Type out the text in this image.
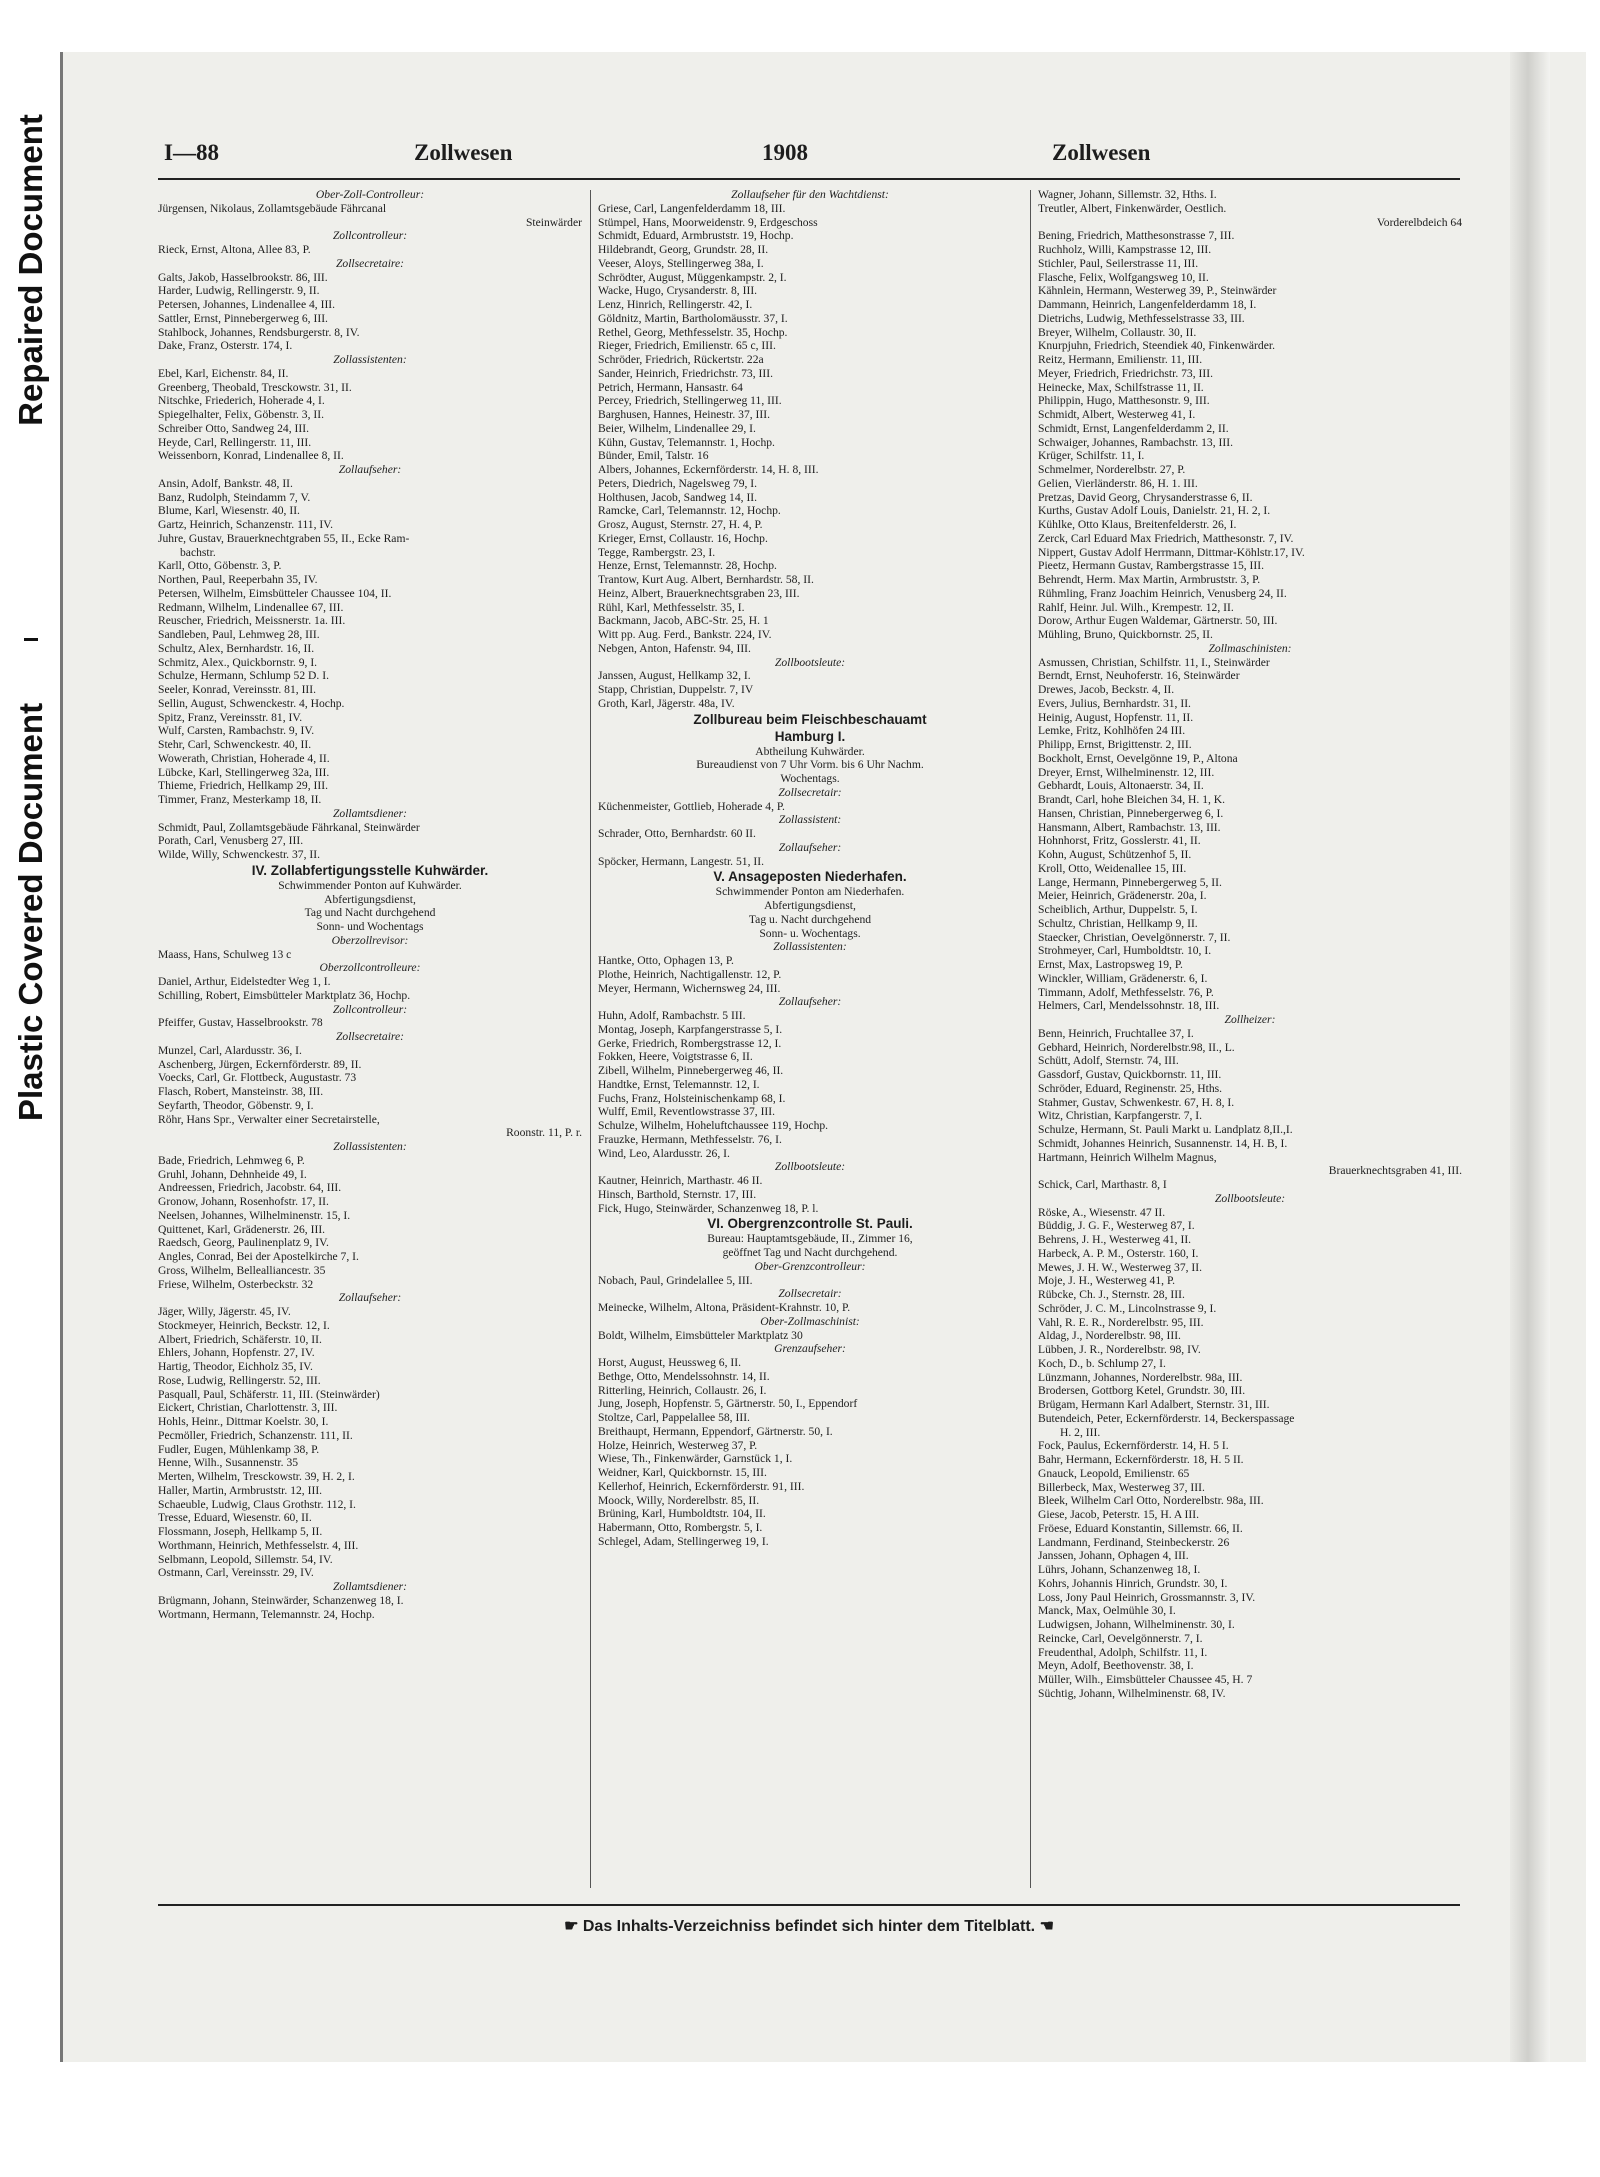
Repaired Document
Plastic Covered Document
I—88	Zollwesen	1908	Zollwesen
Ober-Zoll-Controlleur:
Jürgensen, Nikolaus, Zollamtsgebäude Fährcanal
Steinwärder
Zollcontrolleur:
Rieck, Ernst, Altona, Allee 83, P.
Zollsecretaire:
Galts, Jakob, Hasselbrookstr. 86, III.
Harder, Ludwig, Rellingerstr. 9, II.
Petersen, Johannes, Lindenallee 4, III.
Sattler, Ernst, Pinnebergerweg 6, III.
Stahlbock, Johannes, Rendsburgerstr. 8, IV.
Dake, Franz, Osterstr. 174, I.
Zollassistenten:
Ebel, Karl, Eichenstr. 84, II.
Greenberg, Theobald, Tresckowstr. 31, II.
Nitschke, Friederich, Hoherade 4, I.
Spiegelhalter, Felix, Göbenstr. 3, II.
Schreiber Otto, Sandweg 24, III.
Heyde, Carl, Rellingerstr. 11, III.
Weissenborn, Konrad, Lindenallee 8, II.
Zollaufseher:
Ansin, Adolf, Bankstr. 48, II.
Banz, Rudolph, Steindamm 7, V.
Blume, Karl, Wiesenstr. 40, II.
Gartz, Heinrich, Schanzenstr. 111, IV.
Juhre, Gustav, Brauerknechtgraben 55, II., Ecke Ram-
bachstr.
Karll, Otto, Göbenstr. 3, P.
Northen, Paul, Reeperbahn 35, IV.
Petersen, Wilhelm, Eimsbütteler Chaussee 104, II.
Redmann, Wilhelm, Lindenallee 67, III.
Reuscher, Friedrich, Meissnerstr. 1a. III.
Sandleben, Paul, Lehmweg 28, III.
Schultz, Alex, Bernhardstr. 16, II.
Schmitz, Alex., Quickbornstr. 9, I.
Schulze, Hermann, Schlump 52 D. I.
Seeler, Konrad, Vereinsstr. 81, III.
Sellin, August, Schwenckestr. 4, Hochp.
Spitz, Franz, Vereinsstr. 81, IV.
Wulf, Carsten, Rambachstr. 9, IV.
Stehr, Carl, Schwenckestr. 40, II.
Wowerath, Christian, Hoherade 4, II.
Lübcke, Karl, Stellingerweg 32a, III.
Thieme, Friedrich, Hellkamp 29, III.
Timmer, Franz, Mesterkamp 18, II.
Zollamtsdiener:
Schmidt, Paul, Zollamtsgebäude Fährkanal, Steinwärder
Porath, Carl, Venusberg 27, III.
Wilde, Willy, Schwenckestr. 37, II.
IV. Zollabfertigungsstelle Kuhwärder.
Schwimmender Ponton auf Kuhwärder.
Abfertigungsdienst,
Tag und Nacht durchgehend
Sonn- und Wochentags
Oberzollrevisor:
Maass, Hans, Schulweg 13 c
Oberzollcontrolleure:
Daniel, Arthur, Eidelstedter Weg 1, I.
Schilling, Robert, Eimsbütteler Marktplatz 36, Hochp.
Zollcontrolleur:
Pfeiffer, Gustav, Hasselbrookstr. 78
Zollsecretaire:
Munzel, Carl, Alardusstr. 36, I.
Aschenberg, Jürgen, Eckernförderstr. 89, II.
Voecks, Carl, Gr. Flottbeck, Augustastr. 73
Flasch, Robert, Mansteinstr. 38, III.
Seyfarth, Theodor, Göbenstr. 9, I.
Röhr, Hans Spr., Verwalter einer Secretairstelle,
Roonstr. 11, P. r.
Zollassistenten:
Bade, Friedrich, Lehmweg 6, P.
Gruhl, Johann, Dehnheide 49, I.
Andreessen, Friedrich, Jacobstr. 64, III.
Gronow, Johann, Rosenhofstr. 17, II.
Neelsen, Johannes, Wilhelminenstr. 15, I.
Quittenet, Karl, Grädenerstr. 26, III.
Raedsch, Georg, Paulinenplatz 9, IV.
Angles, Conrad, Bei der Apostelkirche 7, I.
Gross, Wilhelm, Bellealliancestr. 35
Friese, Wilhelm, Osterbeckstr. 32
Zollaufseher:
Jäger, Willy, Jägerstr. 45, IV.
Stockmeyer, Heinrich, Beckstr. 12, I.
Albert, Friedrich, Schäferstr. 10, II.
Ehlers, Johann, Hopfenstr. 27, IV.
Hartig, Theodor, Eichholz 35, IV.
Rose, Ludwig, Rellingerstr. 52, III.
Pasquall, Paul, Schäferstr. 11, III. (Steinwärder)
Eickert, Christian, Charlottenstr. 3, III.
Hohls, Heinr., Dittmar Koelstr. 30, I.
Pecmöller, Friedrich, Schanzenstr. 111, II.
Fudler, Eugen, Mühlenkamp 38, P.
Henne, Wilh., Susannenstr. 35
Merten, Wilhelm, Tresckowstr. 39, H. 2, I.
Haller, Martin, Armbruststr. 12, III.
Schaeuble, Ludwig, Claus Grothstr. 112, I.
Tresse, Eduard, Wiesenstr. 60, II.
Flossmann, Joseph, Hellkamp 5, II.
Worthmann, Heinrich, Methfesselstr. 4, III.
Selbmann, Leopold, Sillemstr. 54, IV.
Ostmann, Carl, Vereinsstr. 29, IV.
Zollamtsdiener:
Brügmann, Johann, Steinwärder, Schanzenweg 18, I.
Wortmann, Hermann, Telemannstr. 24, Hochp.
Zollaufseher für den Wachtdienst:
Griese, Carl, Langenfelderdamm 18, III.
Stümpel, Hans, Moorweidenstr. 9, Erdgeschoss
Schmidt, Eduard, Armbruststr. 19, Hochp.
Hildebrandt, Georg, Grundstr. 28, II.
Veeser, Aloys, Stellingerweg 38a, I.
Schrödter, August, Müggenkampstr. 2, I.
Wacke, Hugo, Crysanderstr. 8, III.
Lenz, Hinrich, Rellingerstr. 42, I.
Göldnitz, Martin, Bartholomäusstr. 37, I.
Rethel, Georg, Methfesselstr. 35, Hochp.
Rieger, Friedrich, Emilienstr. 65 c, III.
Schröder, Friedrich, Rückertstr. 22a
Sander, Heinrich, Friedrichstr. 73, III.
Petrich, Hermann, Hansastr. 64
Percey, Friedrich, Stellingerweg 11, III.
Barghusen, Hannes, Heinestr. 37, III.
Beier, Wilhelm, Lindenallee 29, I.
Kühn, Gustav, Telemannstr. 1, Hochp.
Bünder, Emil, Talstr. 16
Albers, Johannes, Eckernförderstr. 14, H. 8, III.
Peters, Diedrich, Nagelsweg 79, I.
Holthusen, Jacob, Sandweg 14, II.
Ramcke, Carl, Telemannstr. 12, Hochp.
Grosz, August, Sternstr. 27, H. 4, P.
Krieger, Ernst, Collaustr. 16, Hochp.
Tegge, Rambergstr. 23, I.
Henze, Ernst, Telemannstr. 28, Hochp.
Trantow, Kurt Aug. Albert, Bernhardstr. 58, II.
Heinz, Albert, Brauerknechtsgraben 23, III.
Rühl, Karl, Methfesselstr. 35, I.
Backmann, Jacob, ABC-Str. 25, H. 1
Witt pp. Aug. Ferd., Bankstr. 224, IV.
Nebgen, Anton, Hafenstr. 94, III.
Zollbootsleute:
Janssen, August, Hellkamp 32, I.
Stapp, Christian, Duppelstr. 7, IV
Groth, Karl, Jägerstr. 48a, IV.
Zollbureau beim Fleischbeschauamt
Hamburg I.
Abtheilung Kuhwärder.
Bureaudienst von 7 Uhr Vorm. bis 6 Uhr Nachm.
Wochentags.
Zollsecretair:
Küchenmeister, Gottlieb, Hoherade 4, P.
Zollassistent:
Schrader, Otto, Bernhardstr. 60 II.
Zollaufseher:
Spöcker, Hermann, Langestr. 51, II.
V. Ansageposten Niederhafen.
Schwimmender Ponton am Niederhafen.
Abfertigungsdienst,
Tag u. Nacht durchgehend
Sonn- u. Wochentags.
Zollassistenten:
Hantke, Otto, Ophagen 13, P.
Plothe, Heinrich, Nachtigallenstr. 12, P.
Meyer, Hermann, Wichernsweg 24, III.
Zollaufseher:
Huhn, Adolf, Rambachstr. 5 III.
Montag, Joseph, Karpfangerstrasse 5, I.
Gerke, Friedrich, Rombergstrasse 12, I.
Fokken, Heere, Voigtstrasse 6, II.
Zibell, Wilhelm, Pinnebergerweg 46, II.
Handtke, Ernst, Telemannstr. 12, I.
Fuchs, Franz, Holsteinischenkamp 68, I.
Wulff, Emil, Reventlowstrasse 37, III.
Schulze, Wilhelm, Hoheluftchaussee 119, Hochp.
Frauzke, Hermann, Methfesselstr. 76, I.
Wind, Leo, Alardusstr. 26, I.
Zollbootsleute:
Kautner, Heinrich, Marthastr. 46 II.
Hinsch, Barthold, Sternstr. 17, III.
Fick, Hugo, Steinwärder, Schanzenweg 18, P. l.
VI. Obergrenzcontrolle St. Pauli.
Bureau: Hauptamtsgebäude, II., Zimmer 16,
geöffnet Tag und Nacht durchgehend.
Ober-Grenzcontrolleur:
Nobach, Paul, Grindelallee 5, III.
Zollsecretair:
Meinecke, Wilhelm, Altona, Präsident-Krahnstr. 10, P.
Ober-Zollmaschinist:
Boldt, Wilhelm, Eimsbütteler Marktplatz 30
Grenzaufseher:
Horst, August, Heussweg 6, II.
Bethge, Otto, Mendelssohnstr. 14, II.
Ritterling, Heinrich, Collaustr. 26, I.
Jung, Joseph, Hopfenstr. 5, Gärtnerstr. 50, I., Eppendorf
Stoltze, Carl, Pappelallee 58, III.
Breithaupt, Hermann, Eppendorf, Gärtnerstr. 50, I.
Holze, Heinrich, Westerweg 37, P.
Wiese, Th., Finkenwärder, Garnstück 1, I.
Weidner, Karl, Quickbornstr. 15, III.
Kellerhof, Heinrich, Eckernförderstr. 91, III.
Moock, Willy, Norderelbstr. 85, II.
Brüning, Karl, Humboldtstr. 104, II.
Habermann, Otto, Rombergstr. 5, I.
Schlegel, Adam, Stellingerweg 19, I.
Wagner, Johann, Sillemstr. 32, Hths. I.
Treutler, Albert, Finkenwärder, Oestlich.
Vorderelbdeich 64
Bening, Friedrich, Matthesonstrasse 7, III.
Ruchholz, Willi, Kampstrasse 12, III.
Stichler, Paul, Seilerstrasse 11, III.
Flasche, Felix, Wolfgangsweg 10, II.
Kähnlein, Hermann, Westerweg 39, P., Steinwärder
Dammann, Heinrich, Langenfelderdamm 18, I.
Dietrichs, Ludwig, Methfesselstrasse 33, III.
Breyer, Wilhelm, Collaustr. 30, II.
Knurpjuhn, Friedrich, Steendiek 40, Finkenwärder.
Reitz, Hermann, Emilienstr. 11, III.
Meyer, Friedrich, Friedrichstr. 73, III.
Heinecke, Max, Schilfstrasse 11, II.
Philippin, Hugo, Matthesonstr. 9, III.
Schmidt, Albert, Westerweg 41, I.
Schmidt, Ernst, Langenfelderdamm 2, II.
Schwaiger, Johannes, Rambachstr. 13, III.
Krüger, Schilfstr. 11, I.
Schmelmer, Norderelbstr. 27, P.
Gelien, Vierländerstr. 86, H. 1. III.
Pretzas, David Georg, Chrysanderstrasse 6, II.
Kurths, Gustav Adolf Louis, Danielstr. 21, H. 2, I.
Kühlke, Otto Klaus, Breitenfelderstr. 26, I.
Zerck, Carl Eduard Max Friedrich, Matthesonstr. 7, IV.
Nippert, Gustav Adolf Herrmann, Dittmar-Köhlstr.17, IV.
Pieetz, Hermann Gustav, Rambergstrasse 15, III.
Behrendt, Herm. Max Martin, Armbruststr. 3, P.
Rühmling, Franz Joachim Heinrich, Venusberg 24, II.
Rahlf, Heinr. Jul. Wilh., Krempestr. 12, II.
Dorow, Arthur Eugen Waldemar, Gärtnerstr. 50, III.
Mühling, Bruno, Quickbornstr. 25, II.
Zollmaschinisten:
Asmussen, Christian, Schilfstr. 11, I., Steinwärder
Berndt, Ernst, Neuhoferstr. 16, Steinwärder
Drewes, Jacob, Beckstr. 4, II.
Evers, Julius, Bernhardstr. 31, II.
Heinig, August, Hopfenstr. 11, II.
Lemke, Fritz, Kohlhöfen 24 III.
Philipp, Ernst, Brigittenstr. 2, III.
Bockholt, Ernst, Oevelgönne 19, P., Altona
Dreyer, Ernst, Wilhelminenstr. 12, III.
Gebhardt, Louis, Altonaerstr. 34, II.
Brandt, Carl, hohe Bleichen 34, H. 1, K.
Hansen, Christian, Pinnebergerweg 6, I.
Hansmann, Albert, Rambachstr. 13, III.
Hohnhorst, Fritz, Gosslerstr. 41, II.
Kohn, August, Schützenhof 5, II.
Kroll, Otto, Weidenallee 15, III.
Lange, Hermann, Pinnebergerweg 5, II.
Meier, Heinrich, Grädenerstr. 20a, I.
Scheiblich, Arthur, Duppelstr. 5, I.
Schultz, Christian, Hellkamp 9, II.
Staecker, Christian, Oevelgönnerstr. 7, II.
Strohmeyer, Carl, Humboldtstr. 10, I.
Ernst, Max, Lastropsweg 19, P.
Winckler, William, Grädenerstr. 6, I.
Timmann, Adolf, Methfesselstr. 76, P.
Helmers, Carl, Mendelssohnstr. 18, III.
Zollheizer:
Benn, Heinrich, Fruchtallee 37, I.
Gebhard, Heinrich, Norderelbstr.98, II., L.
Schütt, Adolf, Sternstr. 74, III.
Gassdorf, Gustav, Quickbornstr. 11, III.
Schröder, Eduard, Reginenstr. 25, Hths.
Stahmer, Gustav, Schwenkestr. 67, H. 8, I.
Witz, Christian, Karpfangerstr. 7, I.
Schulze, Hermann, St. Pauli Markt u. Landplatz 8,II.,I.
Schmidt, Johannes Heinrich, Susannenstr. 14, H. B, I.
Hartmann, Heinrich Wilhelm Magnus,
Brauerknechtsgraben 41, III.
Schick, Carl, Marthastr. 8, I
Zollbootsleute:
Röske, A., Wiesenstr. 47 II.
Büddig, J. G. F., Westerweg 87, I.
Behrens, J. H., Westerweg 41, II.
Harbeck, A. P. M., Osterstr. 160, I.
Mewes, J. H. W., Westerweg 37, II.
Moje, J. H., Westerweg 41, P.
Rübcke, Ch. J., Sternstr. 28, III.
Schröder, J. C. M., Lincolnstrasse 9, I.
Vahl, R. E. R., Norderelbstr. 95, III.
Aldag, J., Norderelbstr. 98, III.
Lübben, J. R., Norderelbstr. 98, IV.
Koch, D., b. Schlump 27, I.
Lünzmann, Johannes, Norderelbstr. 98a, III.
Brodersen, Gottborg Ketel, Grundstr. 30, III.
Brügam, Hermann Karl Adalbert, Sternstr. 31, III.
Butendeich, Peter, Eckernförderstr. 14, Beckerspassage
H. 2, III.
Fock, Paulus, Eckernförderstr. 14, H. 5 I.
Bahr, Hermann, Eckernförderstr. 18, H. 5 II.
Gnauck, Leopold, Emilienstr. 65
Billerbeck, Max, Westerweg 37, III.
Bleek, Wilhelm Carl Otto, Norderelbstr. 98a, III.
Giese, Jacob, Peterstr. 15, H. A III.
Fröese, Eduard Konstantin, Sillemstr. 66, II.
Landmann, Ferdinand, Steinbeckerstr. 26
Janssen, Johann, Ophagen 4, III.
Lührs, Johann, Schanzenweg 18, I.
Kohrs, Johannis Hinrich, Grundstr. 30, I.
Loss, Jony Paul Heinrich, Grossmannstr. 3, IV.
Manck, Max, Oelmühle 30, I.
Ludwigsen, Johann, Wilhelminenstr. 30, I.
Reincke, Carl, Oevelgönnerstr. 7, I.
Freudenthal, Adolph, Schilfstr. 11, I.
Meyn, Adolf, Beethovenstr. 38, I.
Müller, Wilh., Eimsbütteler Chaussee 45, H. 7
Süchtig, Johann, Wilhelminenstr. 68, IV.
☛ Das Inhalts-Verzeichniss befindet sich hinter dem Titelblatt. ☚
